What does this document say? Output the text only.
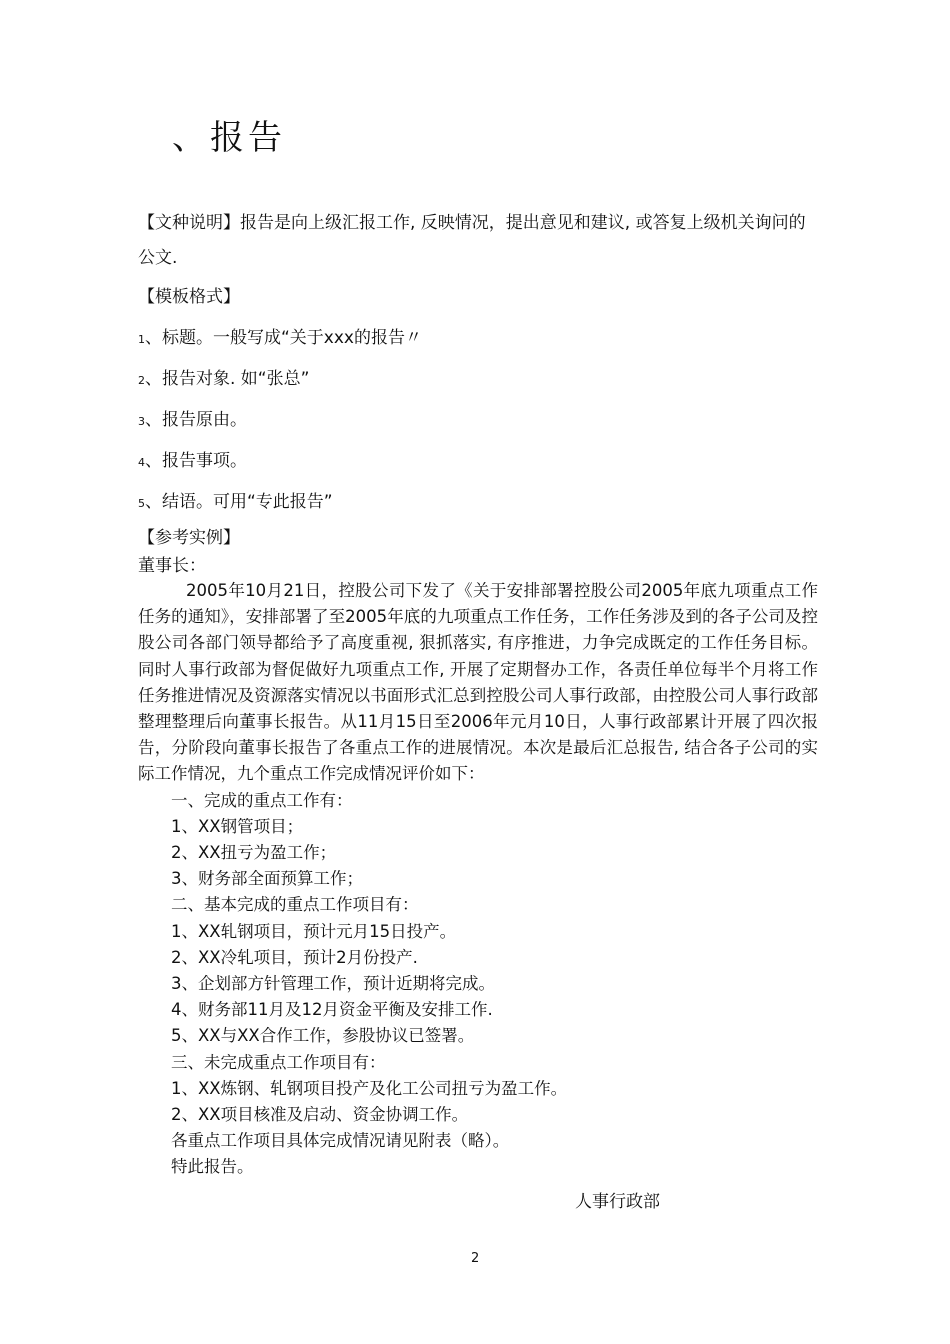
、报告
【文种说明】报告是向上级汇报工作, 反映情况，提出意见和建议, 或答复上级机关询问的公文.
【模板格式】
1、标题。一般写成“关于xxx的报告〃
2、报告对象. 如“张总”
3、报告原由。
4、报告事项。
5、结语。可用“专此报告”
【参考实例】
董事长：
2005年10月21日，控股公司下发了《关于安排部署控股公司2005年底九项重点工作任务的通知》，安排部署了至2005年底的九项重点工作任务，工作任务涉及到的各子公司及控股公司各部门领导都给予了高度重视, 狠抓落实, 有序推进，力争完成既定的工作任务目标。同时人事行政部为督促做好九项重点工作, 开展了定期督办工作，各责任单位每半个月将工作任务推进情况及资源落实情况以书面形式汇总到控股公司人事行政部，由控股公司人事行政部整理整理后向董事长报告。从11月15日至2006年元月10日，人事行政部累计开展了四次报告，分阶段向董事长报告了各重点工作的进展情况。本次是最后汇总报告, 结合各子公司的实际工作情况，九个重点工作完成情况评价如下：
一、完成的重点工作有：
1、XX钢管项目；
2、XX扭亏为盈工作；
3、财务部全面预算工作；
二、基本完成的重点工作项目有：
1、XX轧钢项目，预计元月15日投产。
2、XX冷轧项目，预计2月份投产.
3、企划部方针管理工作，预计近期将完成。
4、财务部11月及12月资金平衡及安排工作.
5、XX与XX合作工作，参股协议已签署。
三、未完成重点工作项目有：
1、XX炼钢、轧钢项目投产及化工公司扭亏为盈工作。
2、XX项目核准及启动、资金协调工作。
各重点工作项目具体完成情况请见附表（略）。
特此报告。
人事行政部
2
